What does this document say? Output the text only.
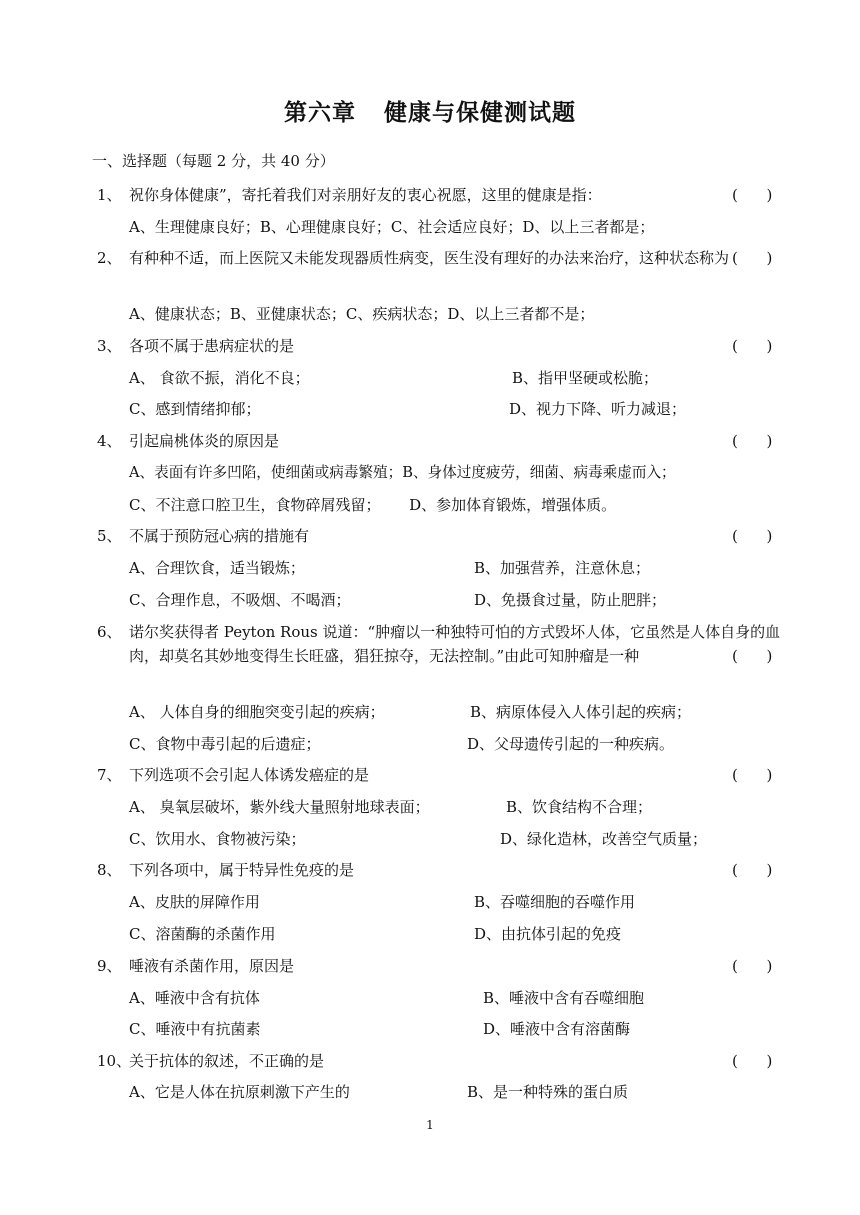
第六章 健康与保健测试题
一、选择题（每题 2 分，共 40 分）
1、 祝你身体健康”，寄托着我们对亲朋好友的衷心祝愿，这里的健康是指：	(      )
A、生理健康良好；B、心理健康良好；C、社会适应良好；D、以上三者都是；
2、 有种种不适，而上医院又未能发现器质性病变，医生没有理好的办法来治疗，这种状态称为 (      )
A、健康状态；B、亚健康状态；C、疾病状态；D、以上三者都不是；
3、 各项不属于患病症状的是	(      )
A、 食欲不振，消化不良；	B、指甲坚硬或松脆；
C、感到情绪抑郁；	D、视力下降、听力减退；
4、 引起扁桃体炎的原因是	(      )
A、表面有许多凹陷，使细菌或病毒繁殖；B、身体过度疲劳，细菌、病毒乘虚而入；
C、不注意口腔卫生，食物碎屑残留；      D、参加体育锻炼，增强体质。
5、 不属于预防冠心病的措施有	(      )
A、合理饮食，适当锻炼；	B、加强营养，注意休息；
C、合理作息，不吸烟、不喝酒；	D、免摄食过量，防止肥胖；
6、 诺尔奖获得者 Peyton Rous 说道：“肿瘤以一种独特可怕的方式毁坏人体，它虽然是人体自身的血肉，却莫名其妙地变得生长旺盛，猖狂掠夺，无法控制。”由此可知肿瘤是一种	(      )
A、 人体自身的细胞突变引起的疾病；	B、病原体侵入人体引起的疾病；
C、食物中毒引起的后遗症；	D、父母遗传引起的一种疾病。
7、 下列选项不会引起人体诱发癌症的是	(      )
A、 臭氧层破坏，紫外线大量照射地球表面；	B、饮食结构不合理；
C、饮用水、食物被污染；	D、绿化造林，改善空气质量；
8、 下列各项中，属于特异性免疫的是	(      )
A、皮肤的屏障作用	B、吞噬细胞的吞噬作用
C、溶菌酶的杀菌作用	D、由抗体引起的免疫
9、 唾液有杀菌作用，原因是	(      )
A、唾液中含有抗体	B、唾液中含有吞噬细胞
C、唾液中有抗菌素	D、唾液中含有溶菌酶
10、
关于抗体的叙述，不正确的是	(      )
A、它是人体在抗原刺激下产生的	B、是一种特殊的蛋白质
1
